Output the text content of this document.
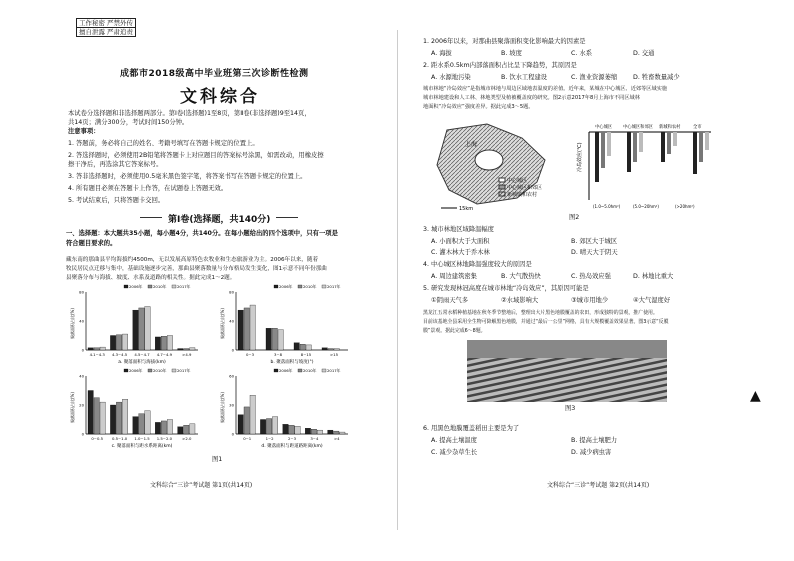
工作秘密 严禁外传
擅自泄露 严肃追责
成都市2018级高中毕业班第三次诊断性检测
文科综合
本试卷分选择题和非选择题两部分。第Ⅰ卷(选择题)1至8页，第Ⅱ卷(非选择题)9至14页，
共14页；满分300分，考试时间150分钟。
注意事项：
1. 答题前，务必将自己的姓名、考籍号填写在答题卡规定的位置上。
2. 答选择题时，必须使用2B铅笔将答题卡上对应题目的答案标号涂黑，如需改动，用橡皮擦
擦干净后，再选涂其它答案标号。
3. 答非选择题时，必须使用0.5毫米黑色签字笔，将答案书写在答题卡规定的位置上。
4. 所有题目必须在答题卡上作答，在试题卷上答题无效。
5. 考试结束后，只将答题卡交回。
第Ⅰ卷(选择题，共140分)
一、选择题：本大题共35小题，每小题4分，共140分。在每小题给出的四个选项中，只有一项是
符合题目要求的。
藏东南的那曲县平均海拔约4500m，无以发展高原特色农牧业和生态旅游业为主。2006年以来，随着
牧民居民点迁移与集中，基础设施逐步完善，那曲县聚落数量与分布格局发生变化，图1示意不同年份那曲
县聚落分布与海拔、坡度、水系及道路的相关性。据此完成1～2题。
2006年	2010年	2017年
聚落面积占比(%)
0
40
80
4.1~4.3 4.3~4.5 4.5~4.7 4.7~4.9	>4.9
a. 聚落面积与海拔(km)
2006年	2010年	2017年
聚落面积占比(%)
0
40
80
0~3	3~8	8~15	>15
b. 聚落面积与坡度(°)
2006年	2010年	2017年
聚落面积占比(%)
0
20
40
0~0.5 0.5~1.0 1.0~1.5 1.5~2.0	>2.0
c. 聚落面积与距水系距离(km)
2006年	2010年	2017年
聚落面积占比(%)
0
30
60
0~1	1~2	2~3	3~4	>4
d. 聚落面积与距道路距离(km)
图1
文科综合“三诊”考试题 第1页(共14页)
1. 2006年以来，对那曲县聚落面积变化影响最大的因素是
A. 海拔	B. 坡度	C. 水系	D. 交通
2. 距水系0.5km内部落面积占比呈下降趋势，其原因是
A. 水源地污染	B. 饮水工程建设	C. 渔业资源萎缩	D. 牲畜数量减少
城市林地“冷岛效应”是指城市林地与周边区域地表温度的差值。近年来，某城在中心城区、近郊等区域实施
城市林地建设和人工林、林地类型及植被覆盖度的研究。图2示意2017年8月上海市不同区域林
地面积“冷岛效应”强度差异。据此完成3～5题。
上海
中心城区
中心城区和郊区
新城镇和农村
15km
冷岛效应(℃)
中心城区	中心城区和郊区 新城和农村	全市
(1.0~5.0hm²)	(5.0~20hm²)	(>20hm²)
图2
3. 城市林地区域降温幅度
A. 小面积大于大面积	B. 郊区大于城区
C. 灌木林大于乔木林	D. 晴天大于阴天
4. 中心城区林地降温强度较大的原因是
A. 周边建筑密集	B. 大气散热快	C. 热岛效应强	D. 林地比重大
5. 研究发现林冠高度在城市林地“冷岛效应”，其原因可能是
①阴雨天气多	②水域影响大	③城市用地少	④大气湿度好
黑龙江五常水稻种植基地在秋冬季节整地后，整理出大片黑色地膜覆盖的农田，形成独特的景观，推广使用。
目前该基地全县采用全生物可降解黑色地膜，并通过“最后一公里”网格，具有大规模覆盖效果显著。图3示意“反膜
膜”景观。据此完成6～8题。
图3
6. 用黑色地膜覆盖稻田主要是为了
A. 提高土壤温度	B. 提高土壤肥力
C. 减少杂草生长	D. 减少病虫害
文科综合“三诊”考试题 第2页(共14页)
▲
